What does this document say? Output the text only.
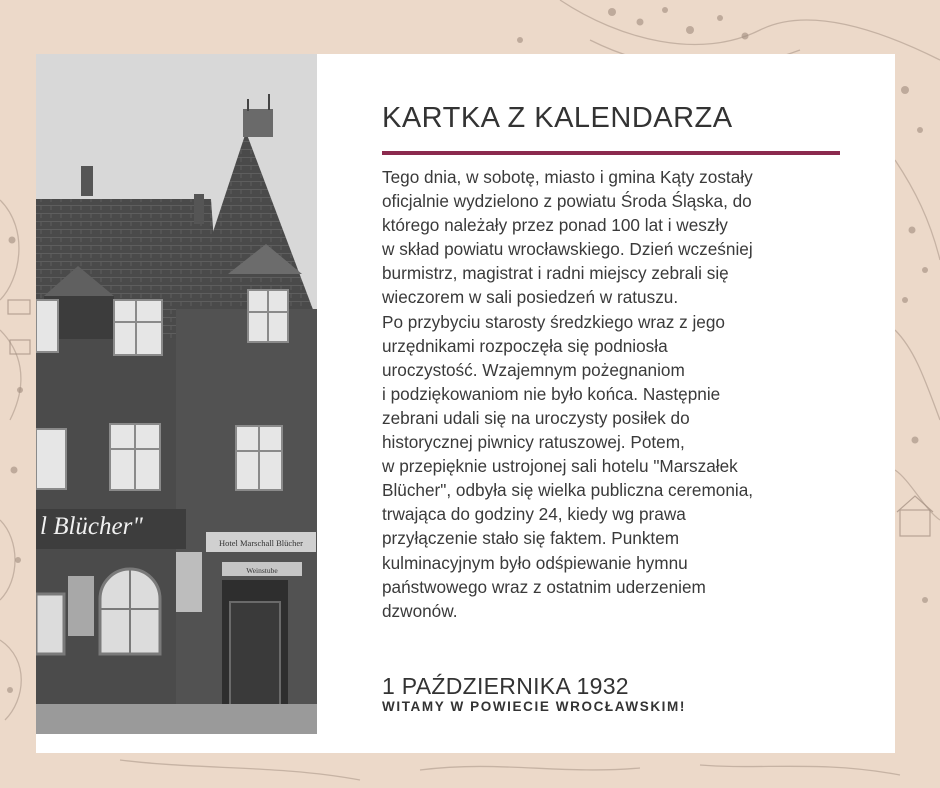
l Blücher"
Hotel Marschall Blücher
Weinstube
KARTKA Z KALENDARZA

Tego dnia, w sobotę, miasto i gmina Kąty zostały

oficjalnie wydzielono z powiatu Środa Śląska, do

którego należały przez ponad 100 lat i weszły

w skład powiatu wrocławskiego. Dzień wcześniej

burmistrz, magistrat i radni miejscy zebrali się

wieczorem w sali posiedzeń w ratuszu.

Po przybyciu starosty średzkiego wraz z jego

urzędnikami rozpoczęła się podniosła

uroczystość. Wzajemnym pożegnaniom

i podziękowaniom nie było końca. Następnie

zebrani udali się na uroczysty posiłek do

historycznej piwnicy ratuszowej. Potem,

w przepięknie ustrojonej sali hotelu "Marszałek

Blücher", odbyła się wielka publiczna ceremonia,

trwająca do godziny 24, kiedy wg prawa

przyłączenie stało się faktem. Punktem

kulminacyjnym było odśpiewanie hymnu

państwowego wraz z ostatnim uderzeniem

dzwonów.

1 PAŹDZIERNIKA 1932
WITAMY W POWIECIE WROCŁAWSKIM!
